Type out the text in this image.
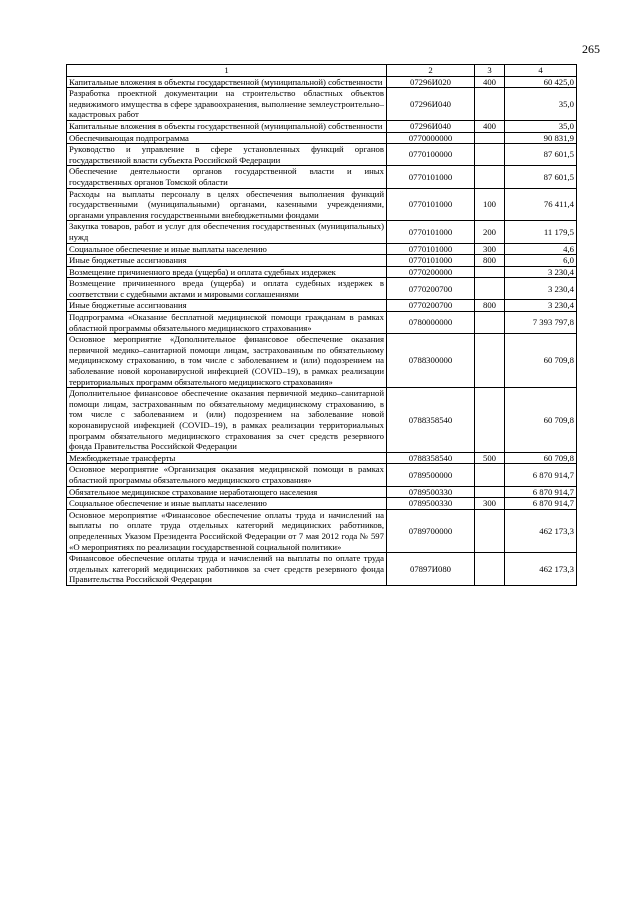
265
1	2	3	4
Капитальные вложения в объекты государственной (муниципальной) собственности	07296И020	400	60 425,0
Разработка проектной документации на строительство областных объектов недвижимого имущества в сфере здравоохранения, выполнение землеустроительно–кадастровых работ	07296И040		35,0
Капитальные вложения в объекты государственной (муниципальной) собственности	07296И040	400	35,0
Обеспечивающая подпрограмма	0770000000		90 831,9
Руководство и управление в сфере установленных функций органов государственной власти субъекта Российской Федерации	0770100000		87 601,5
Обеспечение деятельности органов государственной власти и иных государственных органов Томской области	0770101000		87 601,5
Расходы на выплаты персоналу в целях обеспечения выполнения функций государственными (муниципальными) органами, казенными учреждениями, органами управления государственными внебюджетными фондами	0770101000	100	76 411,4
Закупка товаров, работ и услуг для обеспечения государственных (муниципальных) нужд	0770101000	200	11 179,5
Социальное обеспечение и иные выплаты населению	0770101000	300	4,6
Иные бюджетные ассигнования	0770101000	800	6,0
Возмещение причиненного вреда (ущерба) и оплата судебных издержек	0770200000		3 230,4
Возмещение причиненного вреда (ущерба) и оплата судебных издержек в соответствии с судебными актами и мировыми соглашениями	0770200700		3 230,4
Иные бюджетные ассигнования	0770200700	800	3 230,4
Подпрограмма «Оказание бесплатной медицинской помощи гражданам в рамках областной программы обязательного медицинского страхования»	0780000000		7 393 797,8
Основное мероприятие «Дополнительное финансовое обеспечение оказания первичной медико–санитарной помощи лицам, застрахованным по обязательному медицинскому страхованию, в том числе с заболеванием и (или) подозрением на заболевание новой коронавирусной инфекцией (COVID–19), в рамках реализации территориальных программ обязательного медицинского страхования»	0788300000		60 709,8
Дополнительное финансовое обеспечение оказания первичной медико–санитарной помощи лицам, застрахованным по обязательному медицинскому страхованию, в том числе с заболеванием и (или) подозрением на заболевание новой коронавирусной инфекцией (COVID–19), в рамках реализации территориальных программ обязательного медицинского страхования за счет средств резервного фонда Правительства Российской Федерации	0788358540		60 709,8
Межбюджетные трансферты	0788358540	500	60 709,8
Основное мероприятие «Организация оказания медицинской помощи в рамках областной программы обязательного медицинского страхования»	0789500000		6 870 914,7
Обязательное медицинское страхование неработающего населения	0789500330		6 870 914,7
Социальное обеспечение и иные выплаты населению	0789500330	300	6 870 914,7
Основное мероприятие «Финансовое обеспечение оплаты труда и начислений на выплаты по оплате труда отдельных категорий медицинских работников, определенных Указом Президента Российской Федерации от 7 мая 2012 года № 597 «О мероприятиях по реализации государственной социальной политики»	0789700000		462 173,3
Финансовое обеспечение оплаты труда и начислений на выплаты по оплате труда отдельных категорий медицинских работников за счет средств резервного фонда Правительства Российской Федерации	07897И080		462 173,3
